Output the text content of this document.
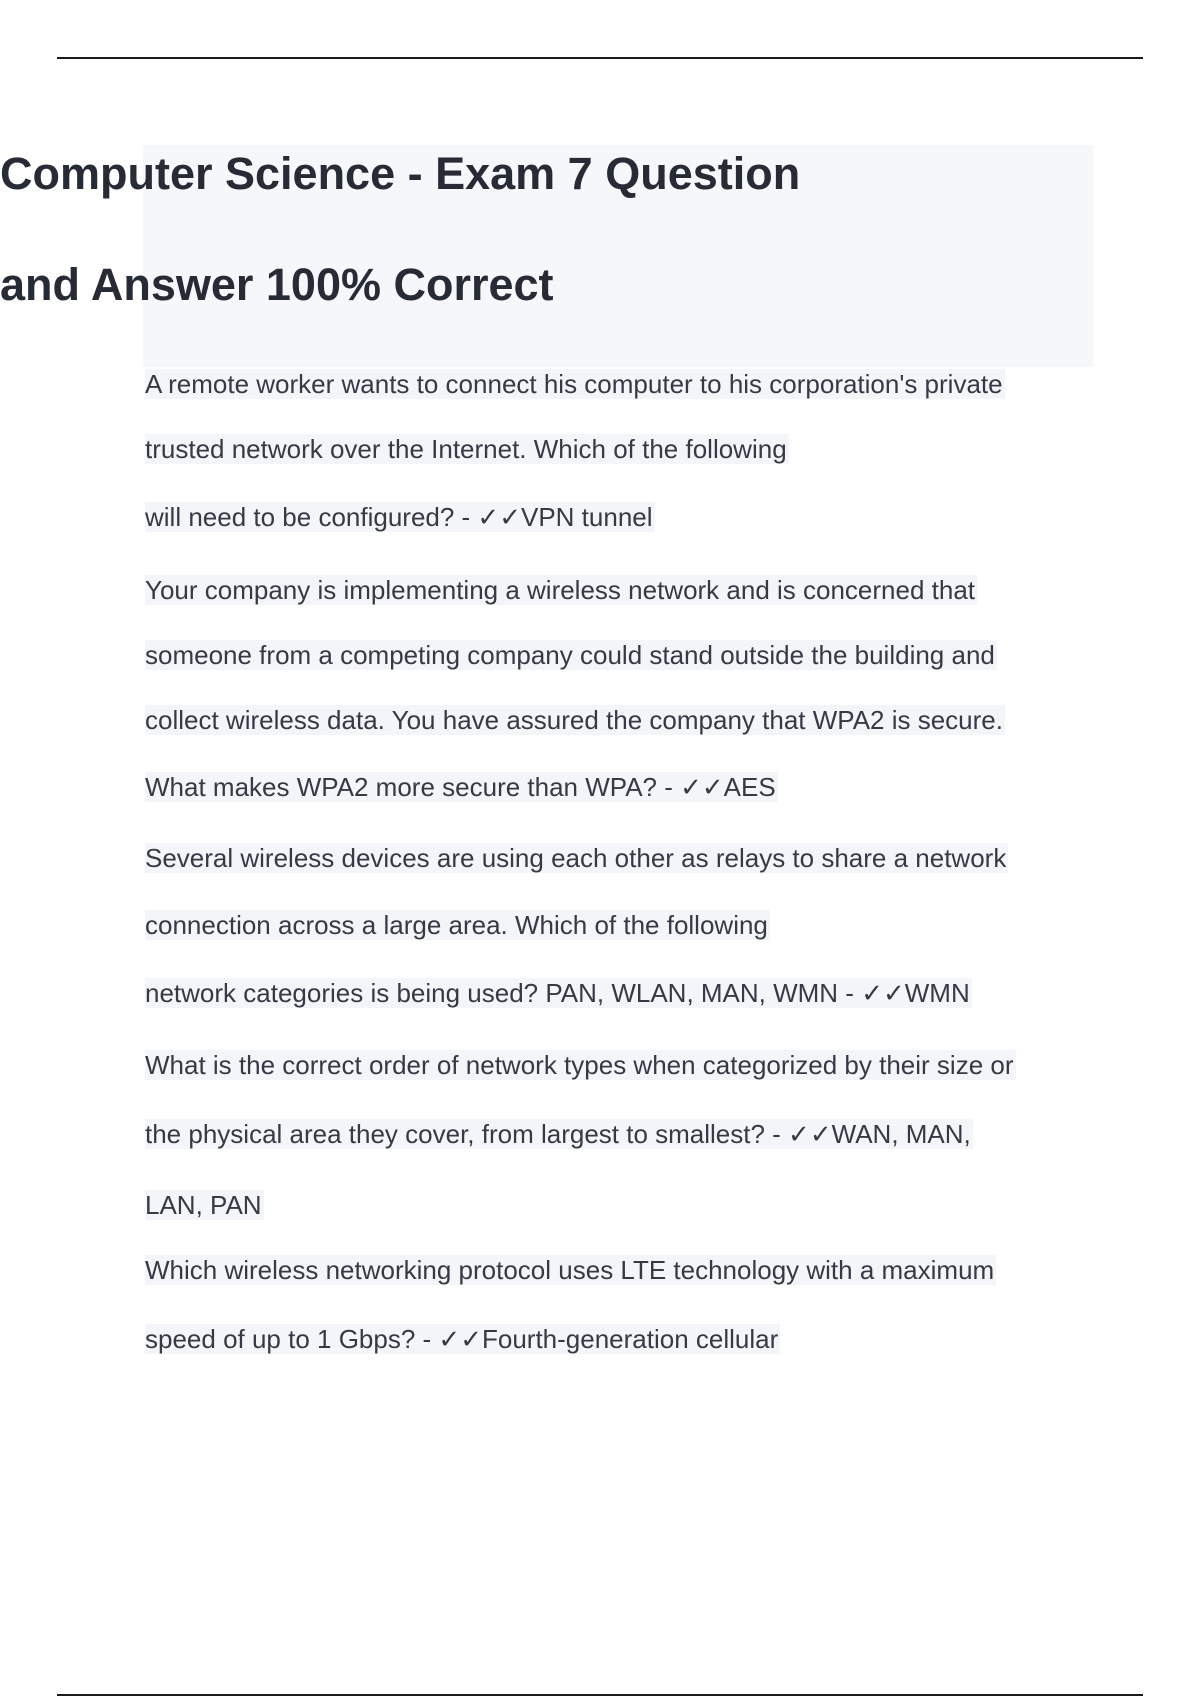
Computer Science - Exam 7 Question
and Answer 100% Correct
A remote worker wants to connect his computer to his corporation's private
trusted network over the Internet. Which of the following
will need to be configured? - ✓✓VPN tunnel
Your company is implementing a wireless network and is concerned that
someone from a competing company could stand outside the building and
collect wireless data. You have assured the company that WPA2 is secure.
What makes WPA2 more secure than WPA? - ✓✓AES
Several wireless devices are using each other as relays to share a network
connection across a large area. Which of the following
network categories is being used? PAN, WLAN, MAN, WMN - ✓✓WMN
What is the correct order of network types when categorized by their size or
the physical area they cover, from largest to smallest? - ✓✓WAN, MAN,
LAN, PAN
Which wireless networking protocol uses LTE technology with a maximum
speed of up to 1 Gbps? - ✓✓Fourth-generation cellular
